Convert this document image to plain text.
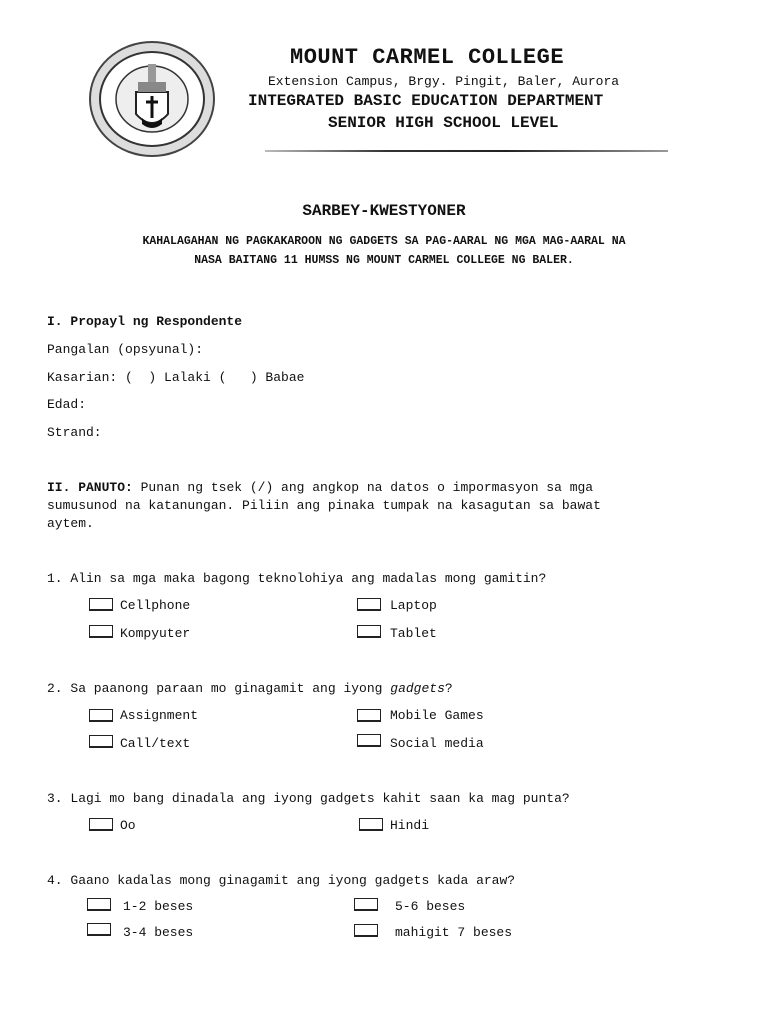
MOUNT CARMEL COLLEGE
Extension Campus, Brgy. Pingit, Baler, Aurora
INTEGRATED BASIC EDUCATION DEPARTMENT
SENIOR HIGH SCHOOL LEVEL
SARBEY-KWESTYONER
KAHALAGAHAN NG PAGKAKAROON NG GADGETS SA PAG-AARAL NG MGA MAG-AARAL NA
NASA BAITANG 11 HUMSS NG MOUNT CARMEL COLLEGE NG BALER.
I. Propayl ng Respondente
Pangalan (opsyunal):
Kasarian: (  ) Lalaki (   ) Babae
Edad:
Strand:
II. PANUTO: Punan ng tsek (/) ang angkop na datos o impormasyon sa mga
sumusunod na katanungan. Piliin ang pinaka tumpak na kasagutan sa bawat
aytem.
1. Alin sa mga maka bagong teknolohiya ang madalas mong gamitin?
Cellphone	Laptop
Kompyuter	Tablet
2. Sa paanong paraan mo ginagamit ang iyong gadgets?
Assignment	Mobile Games
Call/text	Social media
3. Lagi mo bang dinadala ang iyong gadgets kahit saan ka mag punta?
Oo	Hindi
4. Gaano kadalas mong ginagamit ang iyong gadgets kada araw?
1-2 beses	5-6 beses
3-4 beses	mahigit 7 beses
